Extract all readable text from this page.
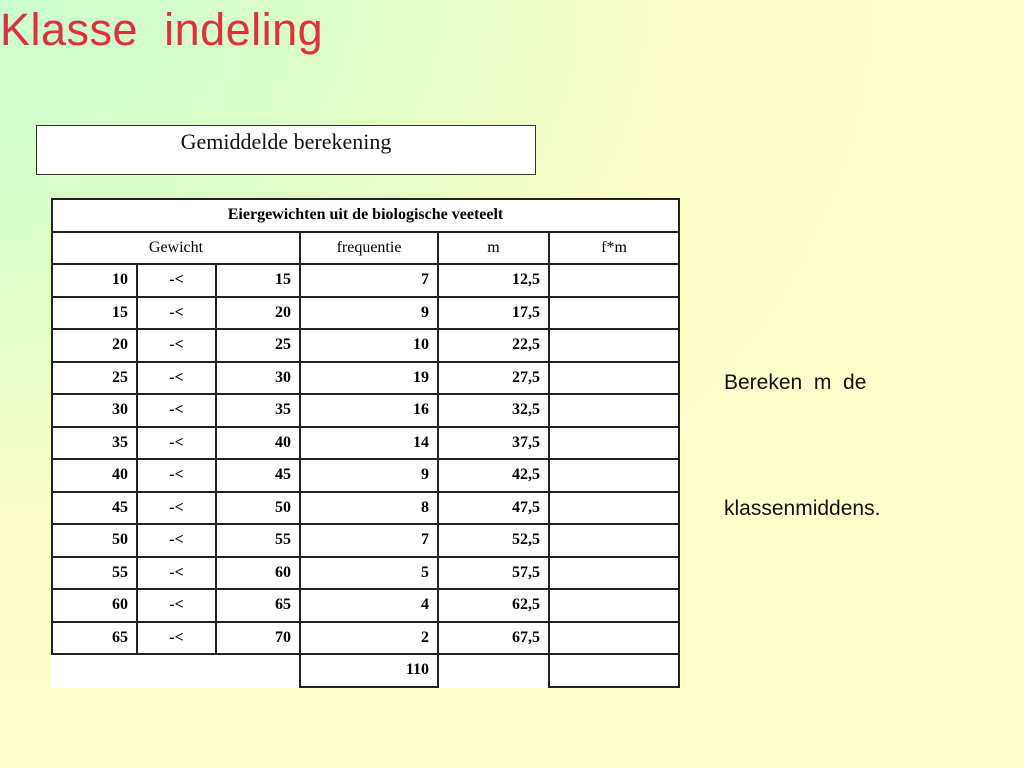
Klasse  indeling
Gemiddelde berekening
Eiergewichten uit de biologische veeteelt					
Gewicht			frequentie	m	f*m
10	-<	15	7	12,5	
15	-<	20	9	17,5	
20	-<	25	10	22,5	
25	-<	30	19	27,5	
30	-<	35	16	32,5	
35	-<	40	14	37,5	
40	-<	45	9	42,5	
45	-<	50	8	47,5	
50	-<	55	7	52,5	
55	-<	60	5	57,5	
60	-<	65	4	62,5	
65	-<	70	2	67,5	
			110		

Bereken  m  de

klassenmiddens.
